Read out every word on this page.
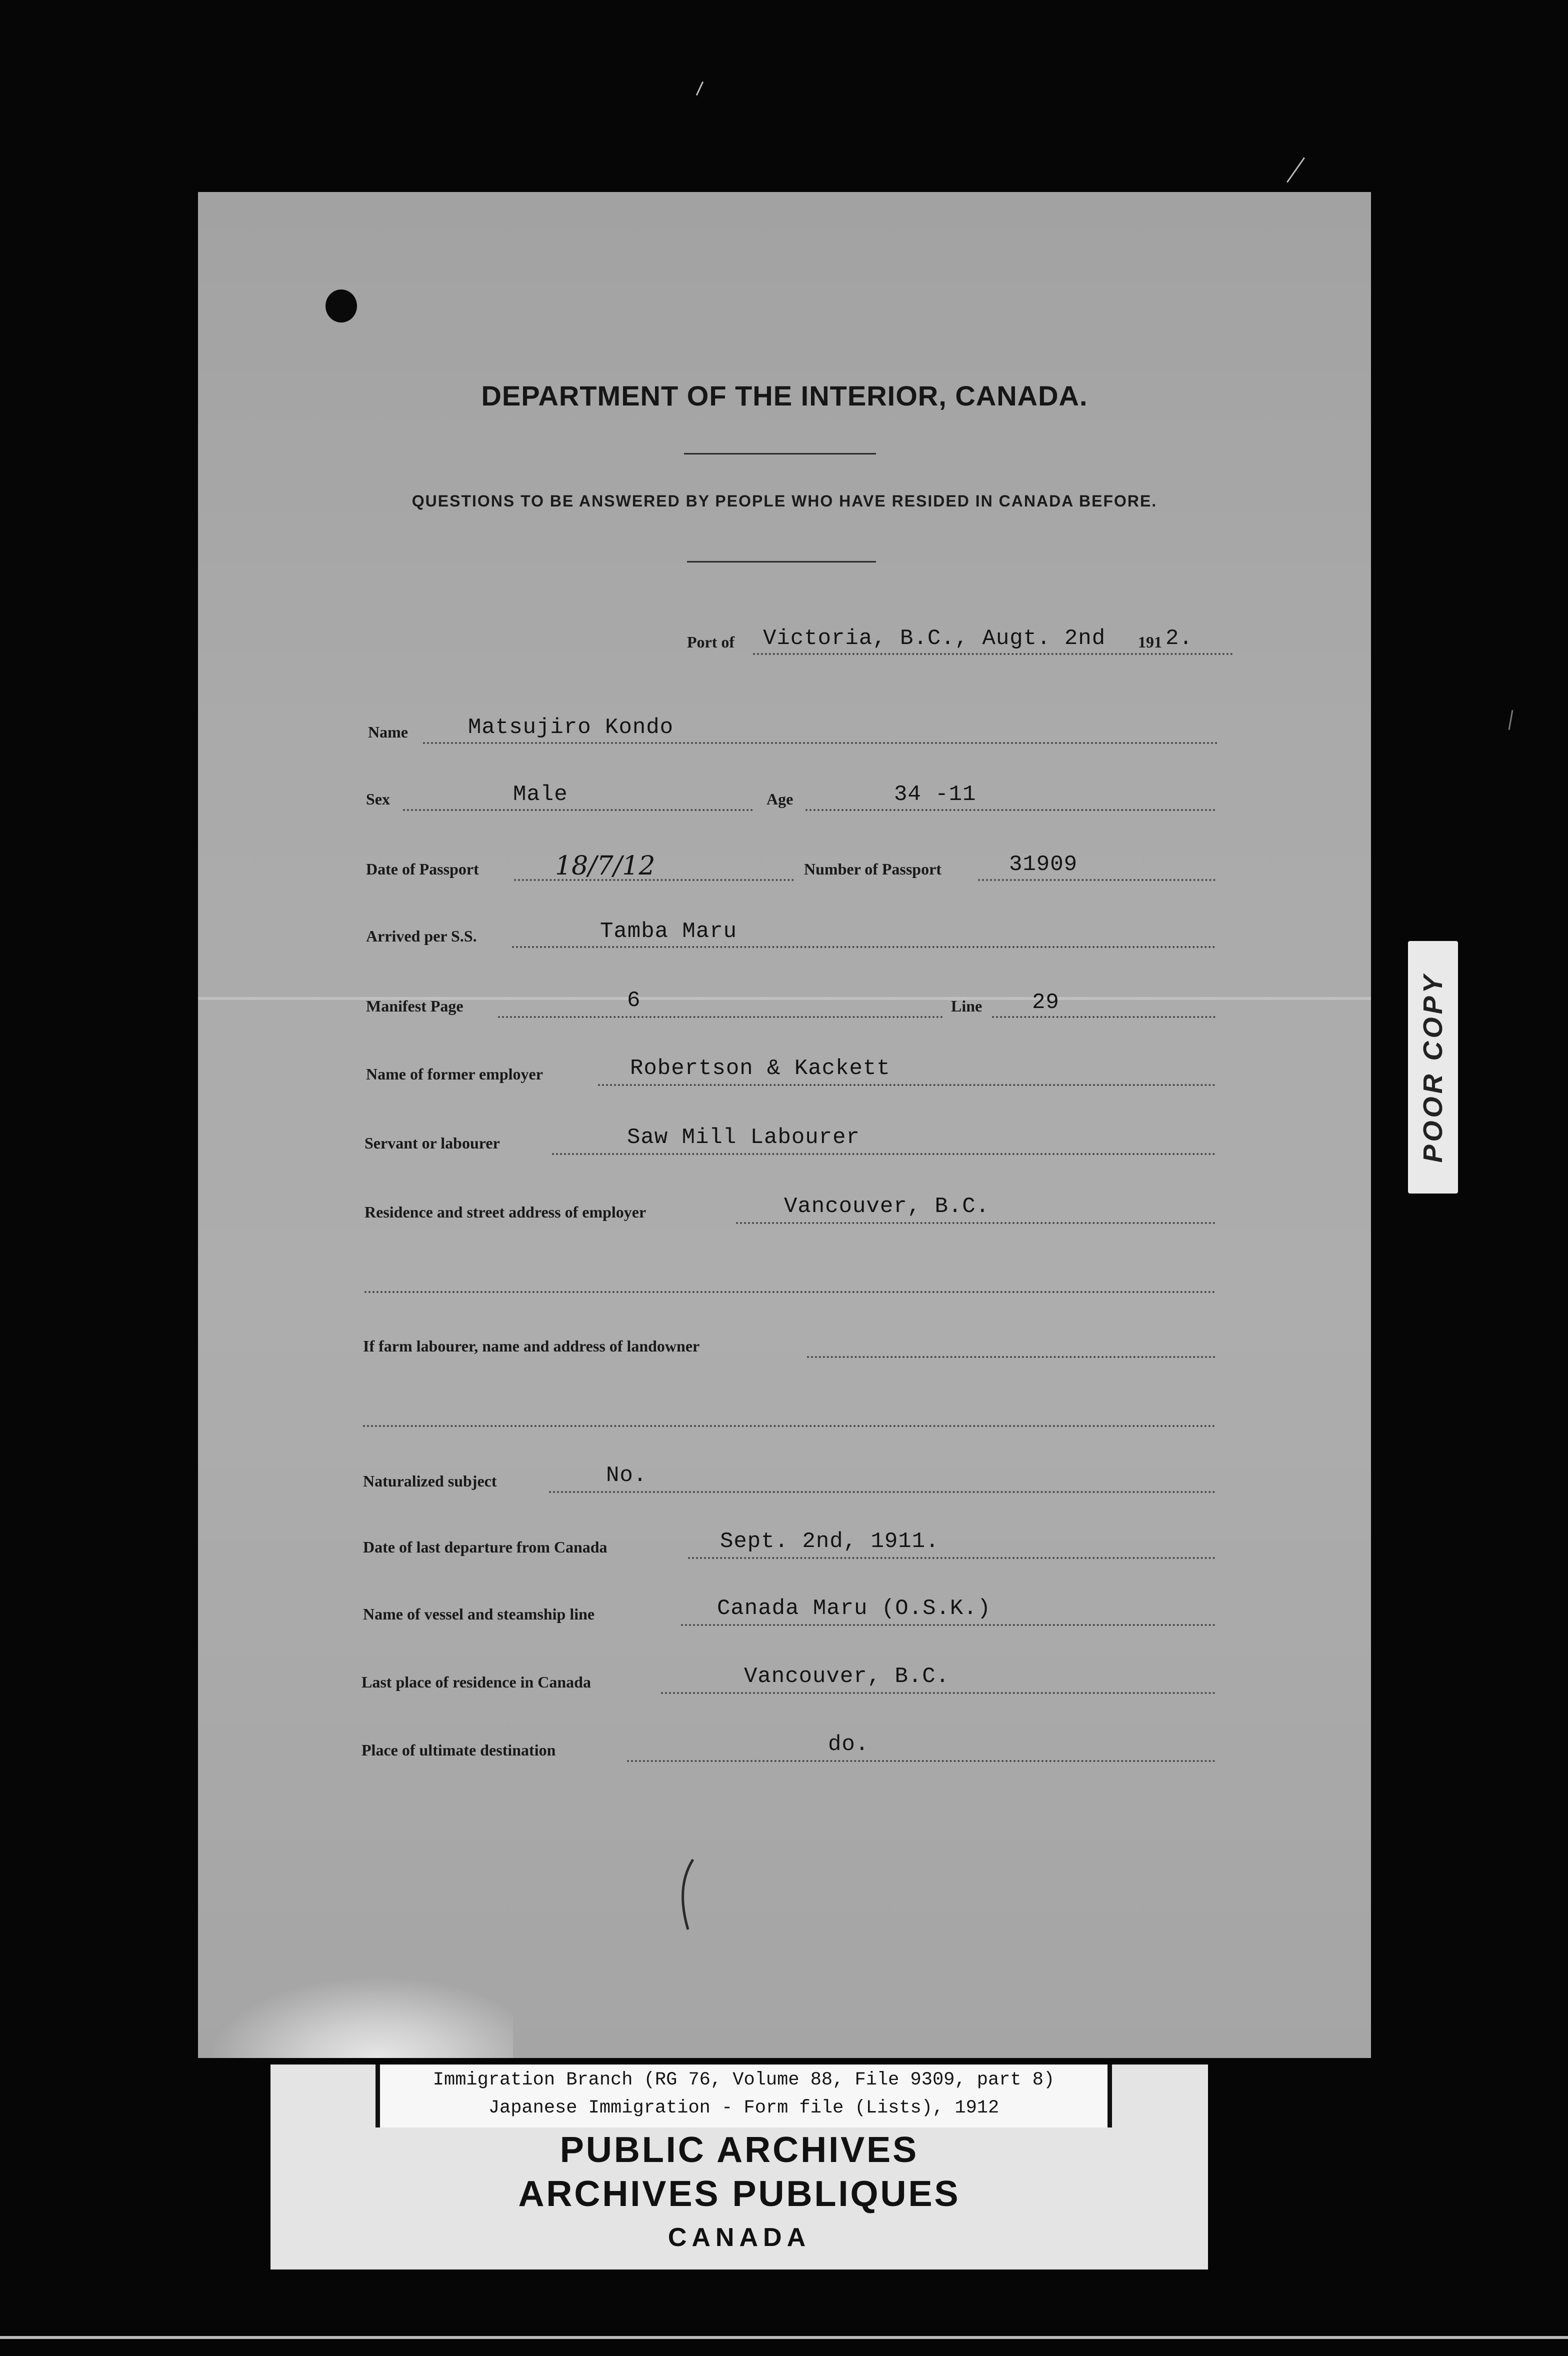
DEPARTMENT OF THE INTERIOR, CANADA.
QUESTIONS TO BE ANSWERED BY PEOPLE WHO HAVE RESIDED IN CANADA BEFORE.
Port of Victoria, B.C., Augt. 2nd 191 2.
Name	Matsujiro Kondo
Sex	Male	Age	34 -11
Date of Passport	18/7/12	Number of Passport	31909
Arrived per S.S.	Tamba Maru
Manifest Page	6	Line 29
Name of former employer	Robertson & Kackett
Servant or labourer	Saw Mill Labourer
Residence and street address of employer	Vancouver, B.C.
If farm labourer, name and address of landowner
Naturalized subject	No.
Date of last departure from Canada	Sept. 2nd, 1911.
Name of vessel and steamship line	Canada Maru (O.S.K.)
Last place of residence in Canada	Vancouver, B.C.
Place of ultimate destination	do.
POOR COPY
Immigration Branch (RG 76, Volume 88, File 9309, part 8)
Japanese Immigration - Form file (Lists), 1912
PUBLIC ARCHIVES
ARCHIVES PUBLIQUES
CANADA
